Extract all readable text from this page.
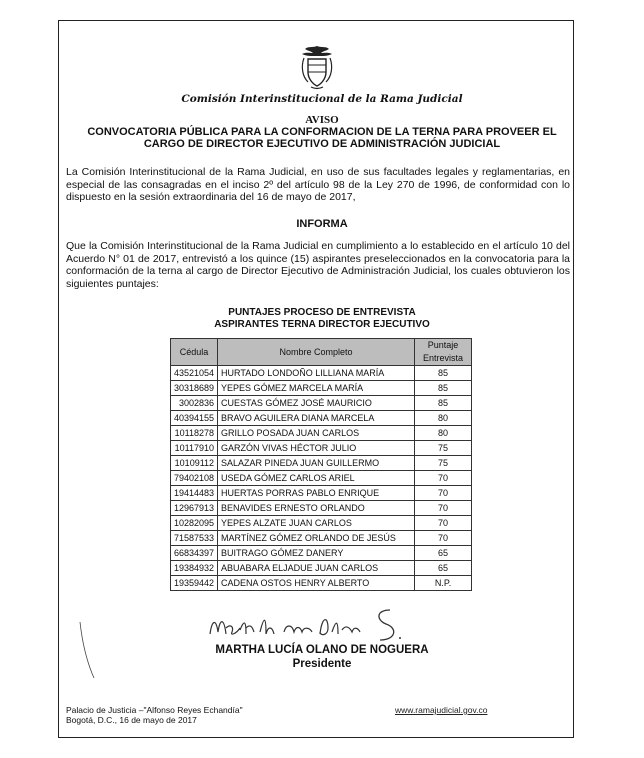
Comisión Interinstitucional de la Rama Judicial
AVISO
CONVOCATORIA PÚBLICA PARA LA CONFORMACION DE LA TERNA PARA PROVEER EL
CARGO DE DIRECTOR EJECUTIVO DE ADMINISTRACIÓN JUDICIAL
La Comisión Interinstitucional de la Rama Judicial, en uso de sus facultades legales y reglamentarias, en especial de las consagradas en el inciso 2º del artículo 98 de la Ley 270 de 1996, de conformidad con lo dispuesto en la sesión extraordinaria del 16 de mayo de 2017,
INFORMA
Que la Comisión Interinstitucional de la Rama Judicial en cumplimiento a lo establecido en el artículo 10 del Acuerdo N° 01 de 2017, entrevistó a los quince (15) aspirantes preseleccionados en la convocatoria para la conformación de la terna al cargo de Director Ejecutivo de Administración Judicial, los cuales obtuvieron los siguientes puntajes:
PUNTAJES PROCESO DE ENTREVISTA
ASPIRANTES TERNA DIRECTOR EJECUTIVO
Cédula	Nombre Completo	Puntaje Entrevista
43521054	HURTADO LONDOÑO LILLIANA MARÍA	85
30318689	YEPES GÓMEZ MARCELA MARÍA	85
3002836	CUESTAS GÓMEZ JOSÉ MAURICIO	85
40394155	BRAVO AGUILERA DIANA MARCELA	80
10118278	GRILLO POSADA JUAN CARLOS	80
10117910	GARZÓN VIVAS HÉCTOR JULIO	75
10109112	SALAZAR PINEDA JUAN GUILLERMO	75
79402108	USEDA GÓMEZ CARLOS ARIEL	70
19414483	HUERTAS PORRAS PABLO ENRIQUE	70
12967913	BENAVIDES ERNESTO ORLANDO	70
10282095	YEPES ALZATE JUAN CARLOS	70
71587533	MARTÍNEZ GÓMEZ ORLANDO DE JESÚS	70
66834397	BUITRAGO GÓMEZ DANERY	65
19384932	ABUABARA ELJADUE JUAN CARLOS	65
19359442	CADENA OSTOS HENRY ALBERTO	N.P.
MARTHA LUCÍA OLANO DE NOGUERA
Presidente
Palacio de Justicia –"Alfonso Reyes Echandía"
Bogotá, D.C., 16 de mayo de 2017
www.ramajudicial.gov.co
